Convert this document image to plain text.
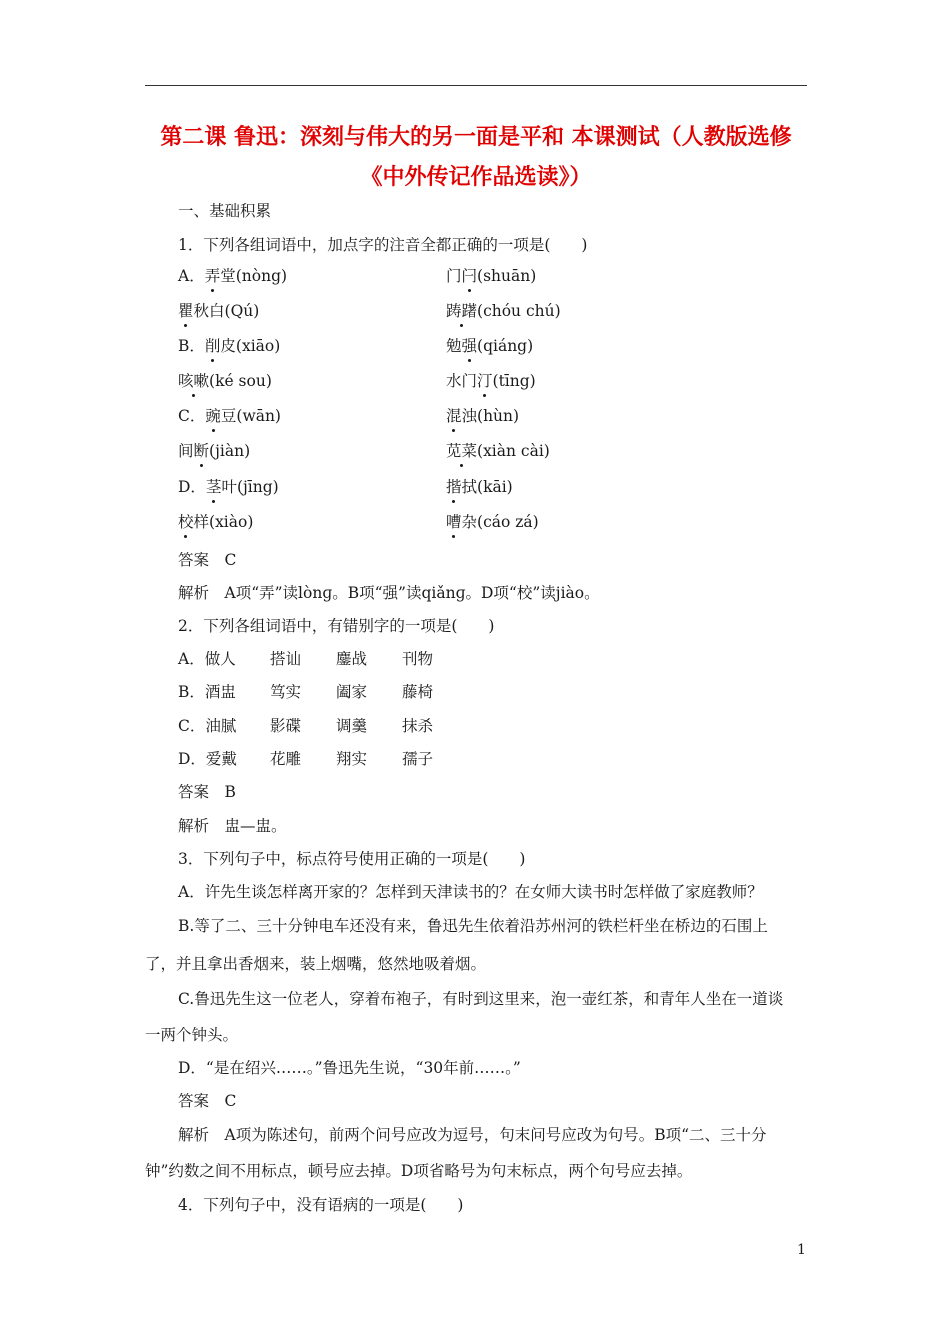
第二课 鲁迅：深刻与伟大的另一面是平和 本课测试（人教版选修
《中外传记作品选读》）
一、基础积累
1．下列各组词语中，加点字的注音全都正确的一项是(　　)
A．弄堂(nòng)	门闩(shuān)
瞿秋白(Qú)	踌躇(chóu chú)
B．削皮(xiāo)	勉强(qiáng)
咳嗽(ké sou)	水门汀(tīng)
C．豌豆(wān)	混浊(hùn)
间断(jiàn)	苋菜(xiàn cài)
D．茎叶(jīng)	揩拭(kāi)
校样(xiào)	嘈杂(cáo zá)
答案　C
解析　A项“弄”读lònɡ。B项“强”读qiǎnɡ。D项“校”读jiào。
2．下列各组词语中，有错别字的一项是(　　)
A．做人 搭讪 鏖战 刊物
B．酒盅 笃实 阖家 藤椅
C．油腻 影碟 调羹 抹杀
D．爱戴 花雕 翔实 孺子
答案　B
解析　盅—盅。
3．下列句子中，标点符号使用正确的一项是(　　)
A．许先生谈怎样离开家的？怎样到天津读书的？在女师大读书时怎样做了家庭教师？
B.等了二、三十分钟电车还没有来，鲁迅先生依着沿苏州河的铁栏杆坐在桥边的石围上
了，并且拿出香烟来，装上烟嘴，悠然地吸着烟。
C.鲁迅先生这一位老人，穿着布袍子，有时到这里来，泡一壶红茶，和青年人坐在一道谈
一两个钟头。
D．“是在绍兴……。”鲁迅先生说，“30年前……。”
答案　C
解析　A项为陈述句，前两个问号应改为逗号，句末问号应改为句号。B项“二、三十分
钟”约数之间不用标点，顿号应去掉。D项省略号为句末标点，两个句号应去掉。
4．下列句子中，没有语病的一项是(　　)
1
